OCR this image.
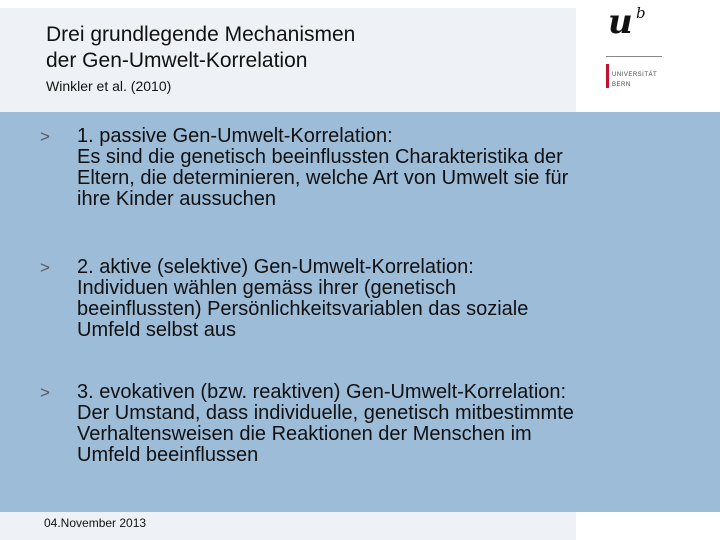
Drei grundlegende Mechanismen
der Gen-Umwelt-Korrelation
Winkler et al. (2010)
u b
UNIVERSITÄT
BERN
> 1. passive Gen-Umwelt-Korrelation:
Es sind die genetisch beeinflussten Charakteristika der
Eltern, die determinieren, welche Art von Umwelt sie für
ihre Kinder aussuchen
> 2. aktive (selektive) Gen-Umwelt-Korrelation:
Individuen wählen gemäss ihrer (genetisch
beeinflussten) Persönlichkeitsvariablen das soziale
Umfeld selbst aus
> 3. evokativen (bzw. reaktiven) Gen-Umwelt-Korrelation:
Der Umstand, dass individuelle, genetisch mitbestimmte
Verhaltensweisen die Reaktionen der Menschen im
Umfeld beeinflussen
04.November 2013
